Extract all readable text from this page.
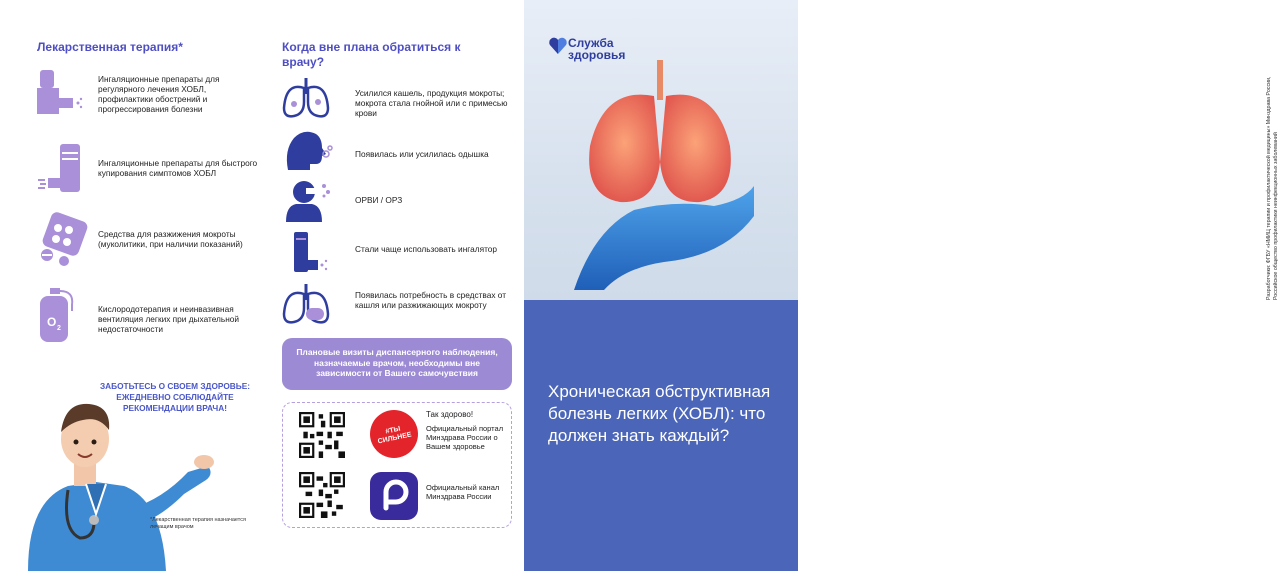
Лекарственная терапия*
Ингаляционные препараты для регулярного лечения ХОБЛ, профилактики обострений и прогрессирования болезни
Ингаляционные препараты для быстрого купирования симптомов ХОБЛ
Средства для разжижения мокроты (муколитики, при наличии показаний)
O 2
Кислородотерапия и неинвазивная вентиляция легких при дыхательной недостаточности
ЗАБОТЬТЕСЬ О СВОЕМ ЗДОРОВЬЕ: ЕЖЕДНЕВНО СОБЛЮДАЙТЕ РЕКОМЕНДАЦИИ ВРАЧА!
*Лекарственная терапия назначается лечащим врачом
Когда вне плана обратиться к врачу?
Усилился кашель, продукция мокроты; мокрота стала гнойной или с примесью крови
Появилась или усилилась одышка
ОРВИ / ОРЗ
Стали чаще использовать ингалятор
Появилась потребность в средствах от кашля или разжижающих мокроту
Плановые визиты диспансерного наблюдения, назначаемые врачом, необходимы вне зависимости от Вашего самочувствия
#ТЫ СИЛЬНЕЕ
Так здорово!
Официальный портал Минздрава России о Вашем здоровье
Официальный канал Минздрава России
Разработчики: ФГБУ «НМИЦ терапии и профилактической медицины» Минздрава России, Российское общество профилактики неинфекционных заболеваний
Служба
здоровья
Хроническая обструктивная болезнь легких (ХОБЛ): что должен знать каждый?
